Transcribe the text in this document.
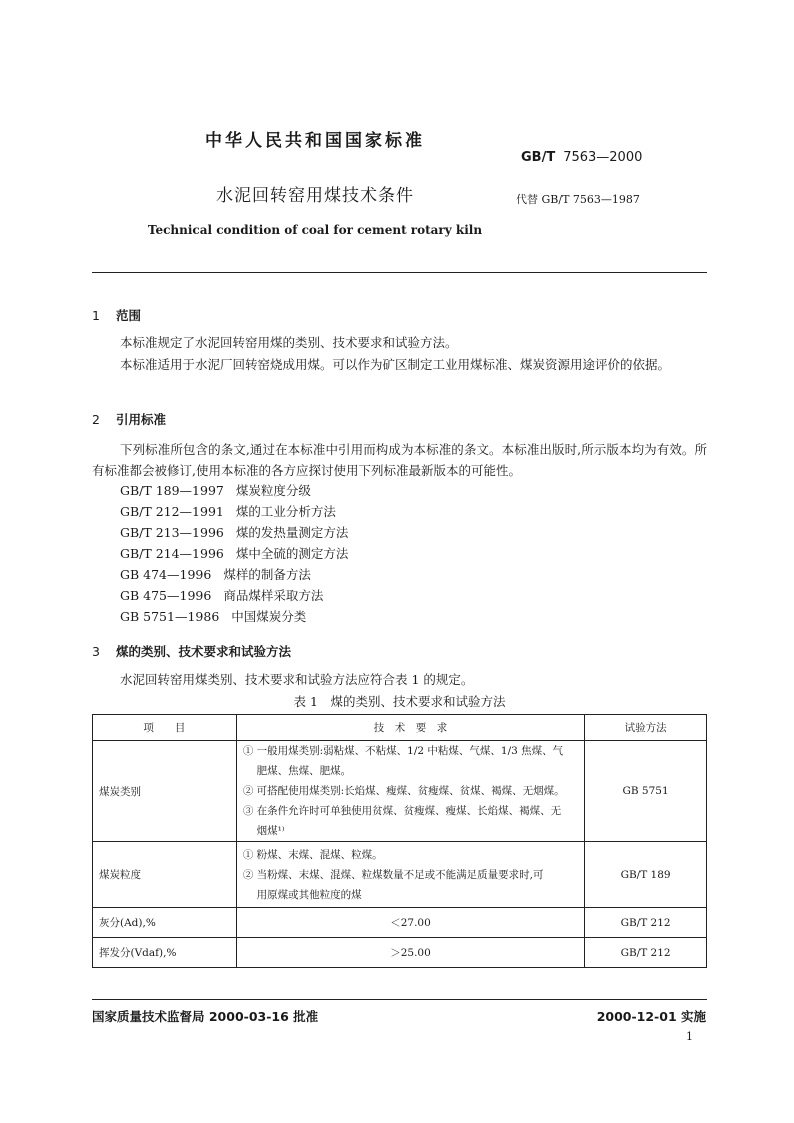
中华人民共和国国家标准
GB/T 7563—2000
水泥回转窑用煤技术条件	代替 GB/T 7563—1987
Technical condition of coal for cement rotary kiln
1 范围
本标准规定了水泥回转窑用煤的类别、技术要求和试验方法。
本标准适用于水泥厂回转窑烧成用煤。可以作为矿区制定工业用煤标准、煤炭资源用途评价的依据。
2 引用标准
下列标准所包含的条文,通过在本标准中引用而构成为本标准的条文。本标准出版时,所示版本均为有效。所有标准都会被修订,使用本标准的各方应探讨使用下列标准最新版本的可能性。
GB/T 189—1997 煤炭粒度分级
GB/T 212—1991 煤的工业分析方法
GB/T 213—1996 煤的发热量测定方法
GB/T 214—1996 煤中全硫的测定方法
GB 474—1996 煤样的制备方法
GB 475—1996 商品煤样采取方法
GB 5751—1986 中国煤炭分类
3 煤的类别、技术要求和试验方法
水泥回转窑用煤类别、技术要求和试验方法应符合表 1 的规定。
表 1　煤的类别、技术要求和试验方法
项　　目	技　术　要　求	试验方法
煤炭类别	① 一般用煤类别:弱粘煤、不粘煤、1/2 中粘煤、气煤、1/3 焦煤、气
　 肥煤、焦煤、肥煤。
② 可搭配使用煤类别:长焰煤、瘦煤、贫瘦煤、贫煤、褐煤、无烟煤。
③ 在条件允许时可单独使用贫煤、贫瘦煤、瘦煤、长焰煤、褐煤、无
　 烟煤¹⁾	GB 5751
煤炭粒度	① 粉煤、末煤、混煤、粒煤。
② 当粉煤、末煤、混煤、粒煤数量不足或不能满足质量要求时,可
　 用原煤或其他粒度的煤	GB/T 189
灰分(Ad),%	＜27.00	GB/T 212
挥发分(Vdaf),%	＞25.00	GB/T 212
国家质量技术监督局 2000-03-16 批准	2000-12-01 实施
1
